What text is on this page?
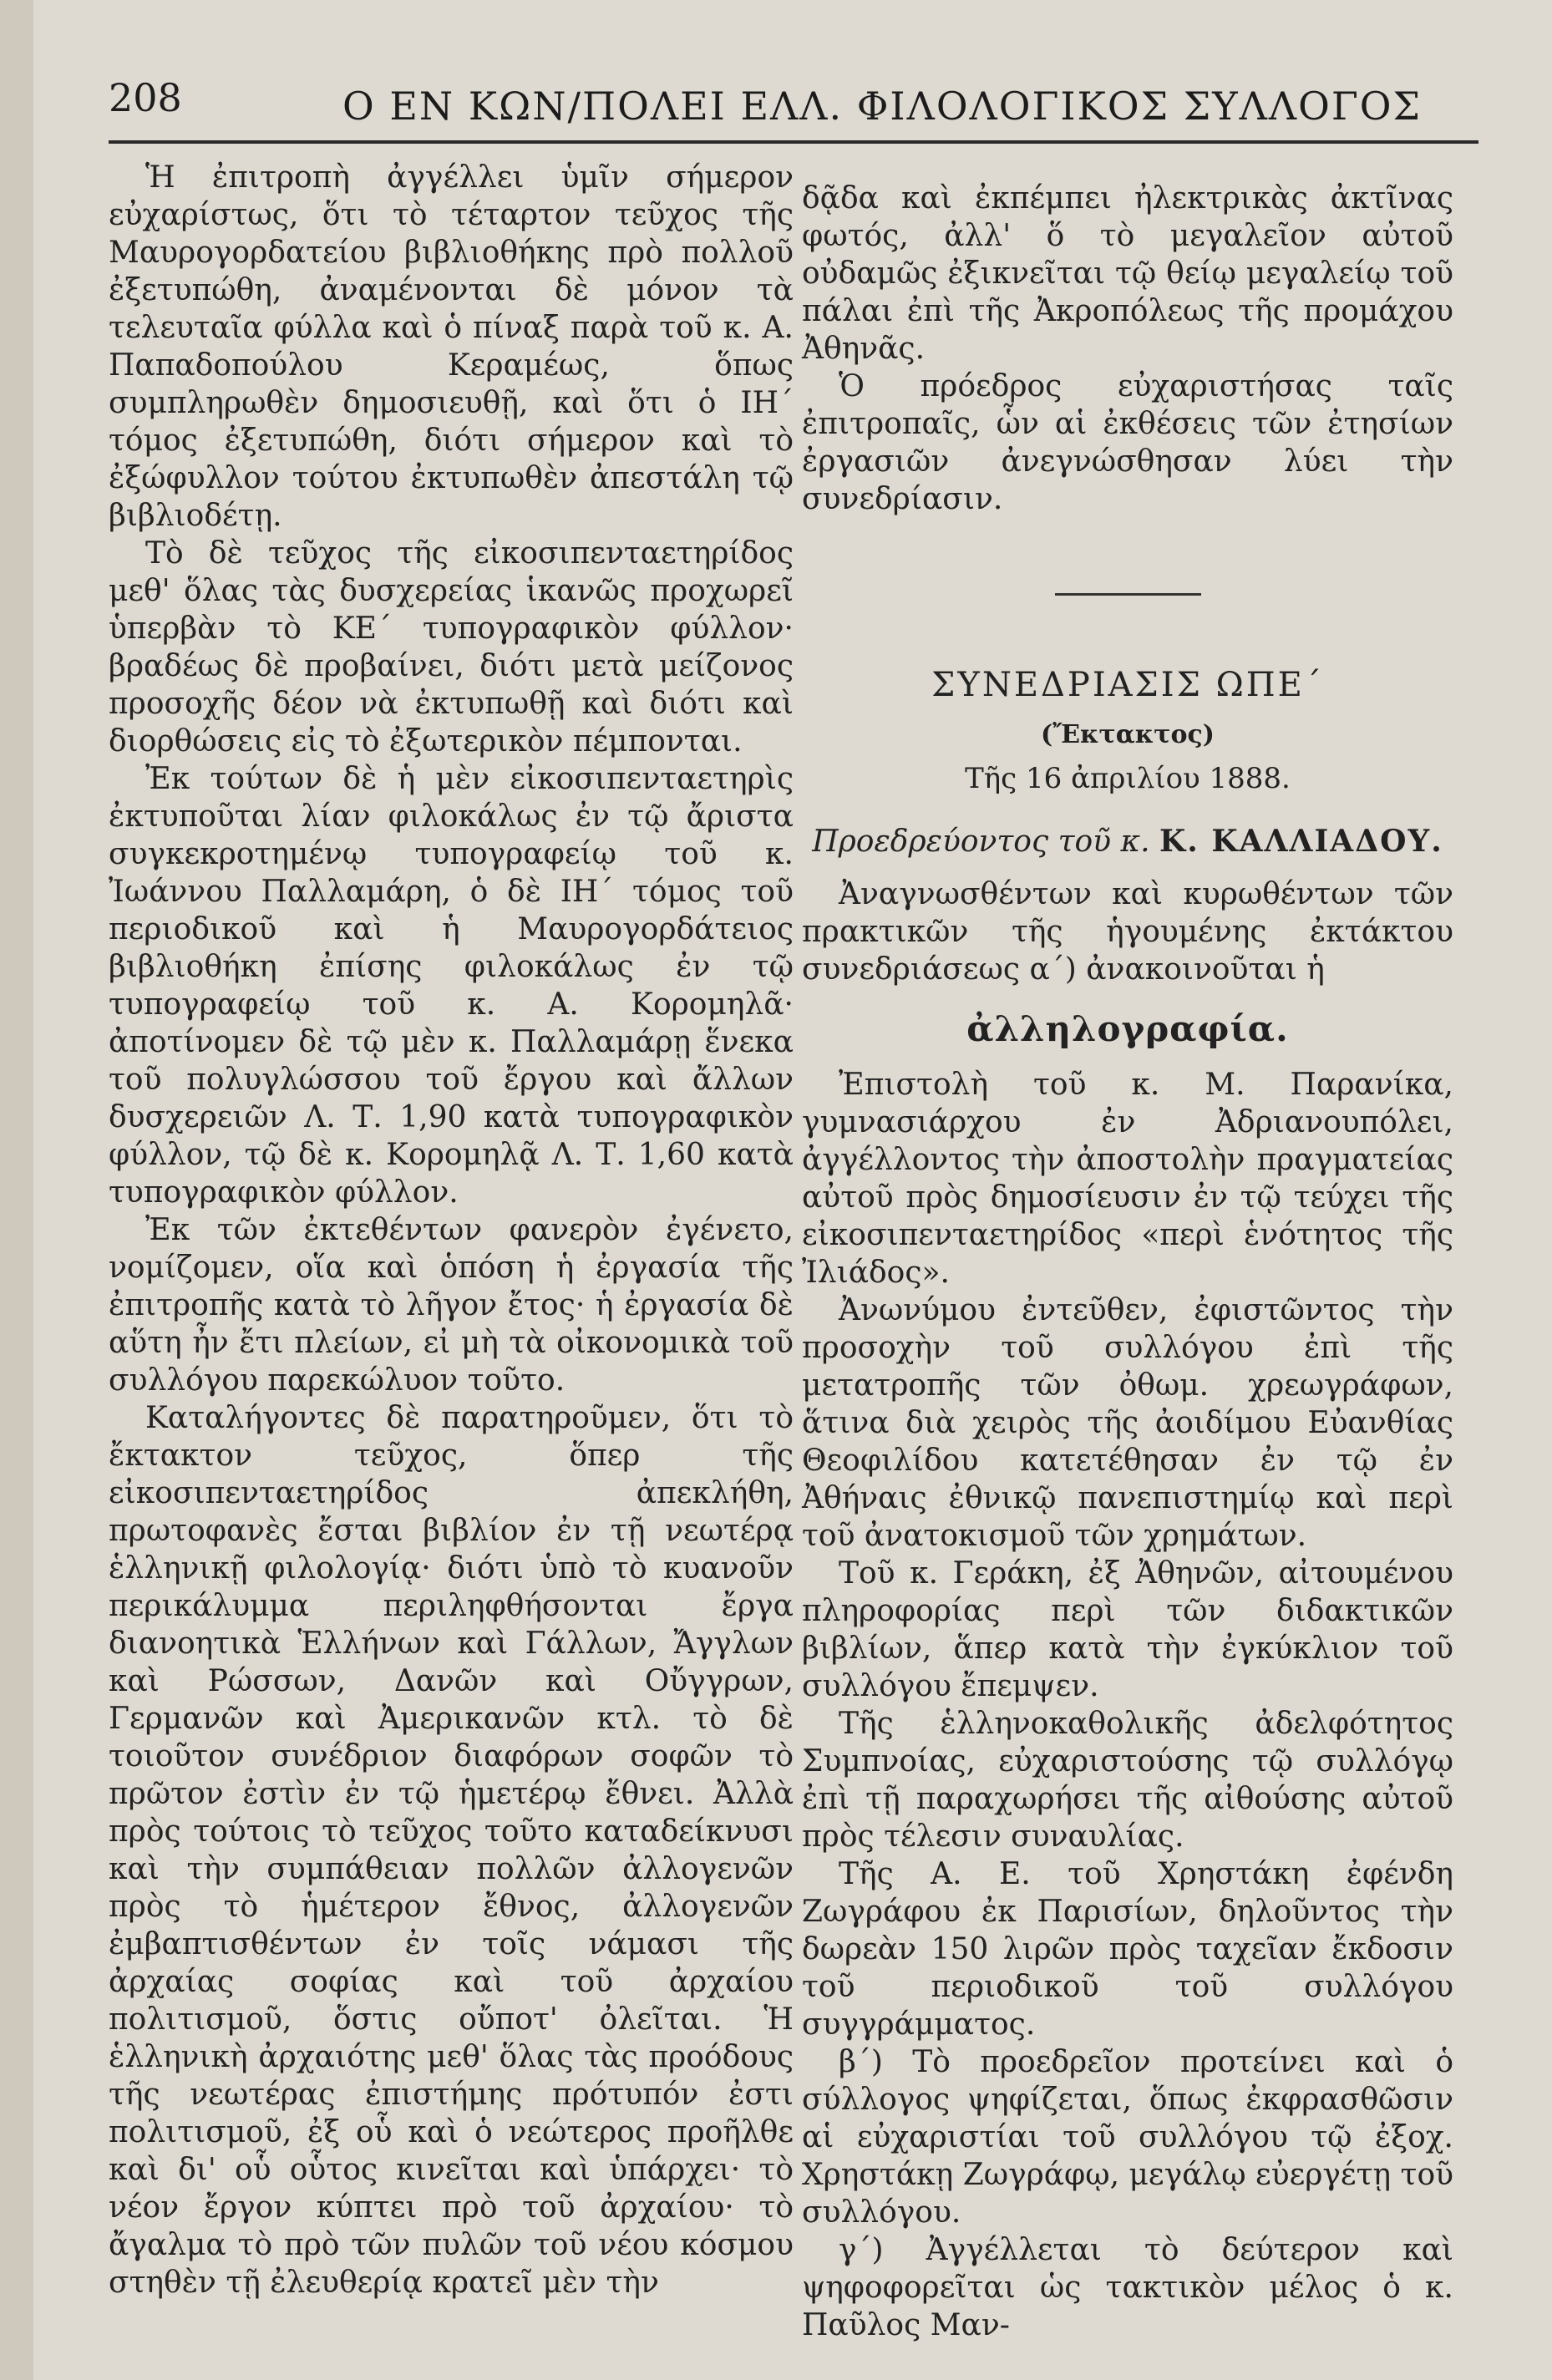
208	Ο ΕΝ ΚΩΝ/ΠΟΛΕΙ ΕΛΛ. ΦΙΛΟΛΟΓΙΚΟΣ ΣΥΛΛΟΓΟΣ

Ἡ ἐπιτροπὴ ἀγγέλλει ὑμῖν σήμερον εὐχαρίστως, ὅτι τὸ τέταρτον τεῦχος τῆς Μαυρογορδατείου βιβλιοθήκης πρὸ πολλοῦ ἐξετυπώθη, ἀναμένονται δὲ μόνον τὰ τελευταῖα φύλλα καὶ ὁ πίναξ παρὰ τοῦ κ. Α. Παπαδοπούλου Κεραμέως, ὅπως συμπληρωθὲν δημοσιευθῇ, καὶ ὅτι ὁ ΙΗ΄ τόμος ἐξετυπώθη, διότι σήμερον καὶ τὸ ἐξώφυλλον τούτου ἐκτυπωθὲν ἀπεστάλη τῷ βιβλιοδέτῃ.

Τὸ δὲ τεῦχος τῆς εἰκοσιπενταετηρίδος μεθ' ὅλας τὰς δυσχερείας ἱκανῶς προχωρεῖ ὑπερβὰν τὸ ΚΕ΄ τυπογραφικὸν φύλλον· βραδέως δὲ προβαίνει, διότι μετὰ μείζονος προσοχῆς δέον νὰ ἐκτυπωθῇ καὶ διότι καὶ διορθώσεις εἰς τὸ ἐξωτερικὸν πέμπονται.

Ἐκ τούτων δὲ ἡ μὲν εἰκοσιπενταετηρὶς ἐκτυποῦται λίαν φιλοκάλως ἐν τῷ ἄριστα συγκεκροτημένῳ τυπογραφείῳ τοῦ κ. Ἰωάννου Παλλαμάρη, ὁ δὲ ΙΗ΄ τόμος τοῦ περιοδικοῦ καὶ ἡ Μαυρογορδάτειος βιβλιοθήκη ἐπίσης φιλοκάλως ἐν τῷ τυπογραφείῳ τοῦ κ. Α. Κορομηλᾶ· ἀποτίνομεν δὲ τῷ μὲν κ. Παλλαμάρῃ ἕνεκα τοῦ πολυγλώσσου τοῦ ἔργου καὶ ἄλλων δυσχερειῶν Λ. Τ. 1,90 κατὰ τυπογραφικὸν φύλλον, τῷ δὲ κ. Κορομηλᾷ Λ. Τ. 1,60 κατὰ τυπογραφικὸν φύλλον.

Ἐκ τῶν ἐκτεθέντων φανερὸν ἐγένετο, νομίζομεν, οἵα καὶ ὁπόση ἡ ἐργασία τῆς ἐπιτροπῆς κατὰ τὸ λῆγον ἔτος· ἡ ἐργασία δὲ αὕτη ἦν ἔτι πλείων, εἰ μὴ τὰ οἰκονομικὰ τοῦ συλλόγου παρεκώλυον τοῦτο.

Καταλήγοντες δὲ παρατηροῦμεν, ὅτι τὸ ἔκτακτον τεῦχος, ὅπερ τῆς εἰκοσιπενταετηρίδος ἀπεκλήθη, πρωτοφανὲς ἔσται βιβλίον ἐν τῇ νεωτέρᾳ ἑλληνικῇ φιλολογίᾳ· διότι ὑπὸ τὸ κυανοῦν περικάλυμμα περιληφθήσονται ἔργα διανοητικὰ Ἑλλήνων καὶ Γάλλων, Ἄγγλων καὶ Ρώσσων, Δανῶν καὶ Οὔγγρων, Γερμανῶν καὶ Ἀμερικανῶν κτλ. τὸ δὲ τοιοῦτον συνέδριον διαφόρων σοφῶν τὸ πρῶτον ἐστὶν ἐν τῷ ἡμετέρῳ ἔθνει. Ἀλλὰ πρὸς τούτοις τὸ τεῦχος τοῦτο καταδείκνυσι καὶ τὴν συμπάθειαν πολλῶν ἀλλογενῶν πρὸς τὸ ἡμέτερον ἔθνος, ἀλλογενῶν ἐμβαπτισθέντων ἐν τοῖς νάμασι τῆς ἀρχαίας σοφίας καὶ τοῦ ἀρχαίου πολιτισμοῦ, ὅστις οὔποτ' ὀλεῖται. Ἡ ἑλληνικὴ ἀρχαιότης μεθ' ὅλας τὰς προόδους τῆς νεωτέρας ἐπιστήμης πρότυπόν ἐστι πολιτισμοῦ, ἐξ οὗ καὶ ὁ νεώτερος προῆλθε καὶ δι' οὗ οὗτος κινεῖται καὶ ὑπάρχει· τὸ νέον ἔργον κύπτει πρὸ τοῦ ἀρχαίου· τὸ ἄγαλμα τὸ πρὸ τῶν πυλῶν τοῦ νέου κόσμου στηθὲν τῇ ἐλευθερίᾳ κρατεῖ μὲν τὴν

δᾷδα καὶ ἐκπέμπει ἠλεκτρικὰς ἀκτῖνας φωτός, ἀλλ' ὅ τὸ μεγαλεῖον αὐτοῦ οὐδαμῶς ἐξικνεῖται τῷ θείῳ μεγαλείῳ τοῦ πάλαι ἐπὶ τῆς Ἀκροπόλεως τῆς προμάχου Ἀθηνᾶς.

Ὁ πρόεδρος εὐχαριστήσας ταῖς ἐπιτροπαῖς, ὧν αἱ ἐκθέσεις τῶν ἐτησίων ἐργασιῶν ἀνεγνώσθησαν λύει τὴν συνεδρίασιν.

ΣΥΝΕΔΡΙΑΣΙΣ ΩΠΕ΄

(Ἔκτακτος)

Τῆς 16 ἀπριλίου 1888.

Προεδρεύοντος τοῦ κ. Κ. ΚΑΛΛΙΑΔΟΥ.

Ἀναγνωσθέντων καὶ κυρωθέντων τῶν πρακτικῶν τῆς ἡγουμένης ἐκτάκτου συνεδριάσεως α΄) ἀνακοινοῦται ἡ

ἀλληλογραφία.

Ἐπιστολὴ τοῦ κ. Μ. Παρανίκα, γυμνασιάρχου ἐν Ἀδριανουπόλει, ἀγγέλλοντος τὴν ἀποστολὴν πραγματείας αὐτοῦ πρὸς δημοσίευσιν ἐν τῷ τεύχει τῆς εἰκοσιπενταετηρίδος «περὶ ἑνότητος τῆς Ἰλιάδος».

Ἀνωνύμου ἐντεῦθεν, ἐφιστῶντος τὴν προσοχὴν τοῦ συλλόγου ἐπὶ τῆς μετατροπῆς τῶν ὀθωμ. χρεωγράφων, ἅτινα διὰ χειρὸς τῆς ἀοιδίμου Εὐανθίας Θεοφιλίδου κατετέθησαν ἐν τῷ ἐν Ἀθήναις ἐθνικῷ πανεπιστημίῳ καὶ περὶ τοῦ ἀνατοκισμοῦ τῶν χρημάτων.

Τοῦ κ. Γεράκη, ἐξ Ἀθηνῶν, αἰτουμένου πληροφορίας περὶ τῶν διδακτικῶν βιβλίων, ἅπερ κατὰ τὴν ἐγκύκλιον τοῦ συλλόγου ἔπεμψεν.

Τῆς ἑλληνοκαθολικῆς ἀδελφότητος Συμπνοίας, εὐχαριστούσης τῷ συλλόγῳ ἐπὶ τῇ παραχωρήσει τῆς αἰθούσης αὐτοῦ πρὸς τέλεσιν συναυλίας.

Τῆς Α. Ε. τοῦ Χρηστάκη ἐφένδη Ζωγράφου ἐκ Παρισίων, δηλοῦντος τὴν δωρεὰν 150 λιρῶν πρὸς ταχεῖαν ἔκδοσιν τοῦ περιοδικοῦ τοῦ συλλόγου συγγράμματος.

β΄) Τὸ προεδρεῖον προτείνει καὶ ὁ σύλλογος ψηφίζεται, ὅπως ἐκφρασθῶσιν αἱ εὐχαριστίαι τοῦ συλλόγου τῷ ἐξοχ. Χρηστάκῃ Ζωγράφῳ, μεγάλῳ εὐεργέτῃ τοῦ συλλόγου.

γ΄) Ἀγγέλλεται τὸ δεύτερον καὶ ψηφοφορεῖται ὡς τακτικὸν μέλος ὁ κ. Παῦλος Μαν-
